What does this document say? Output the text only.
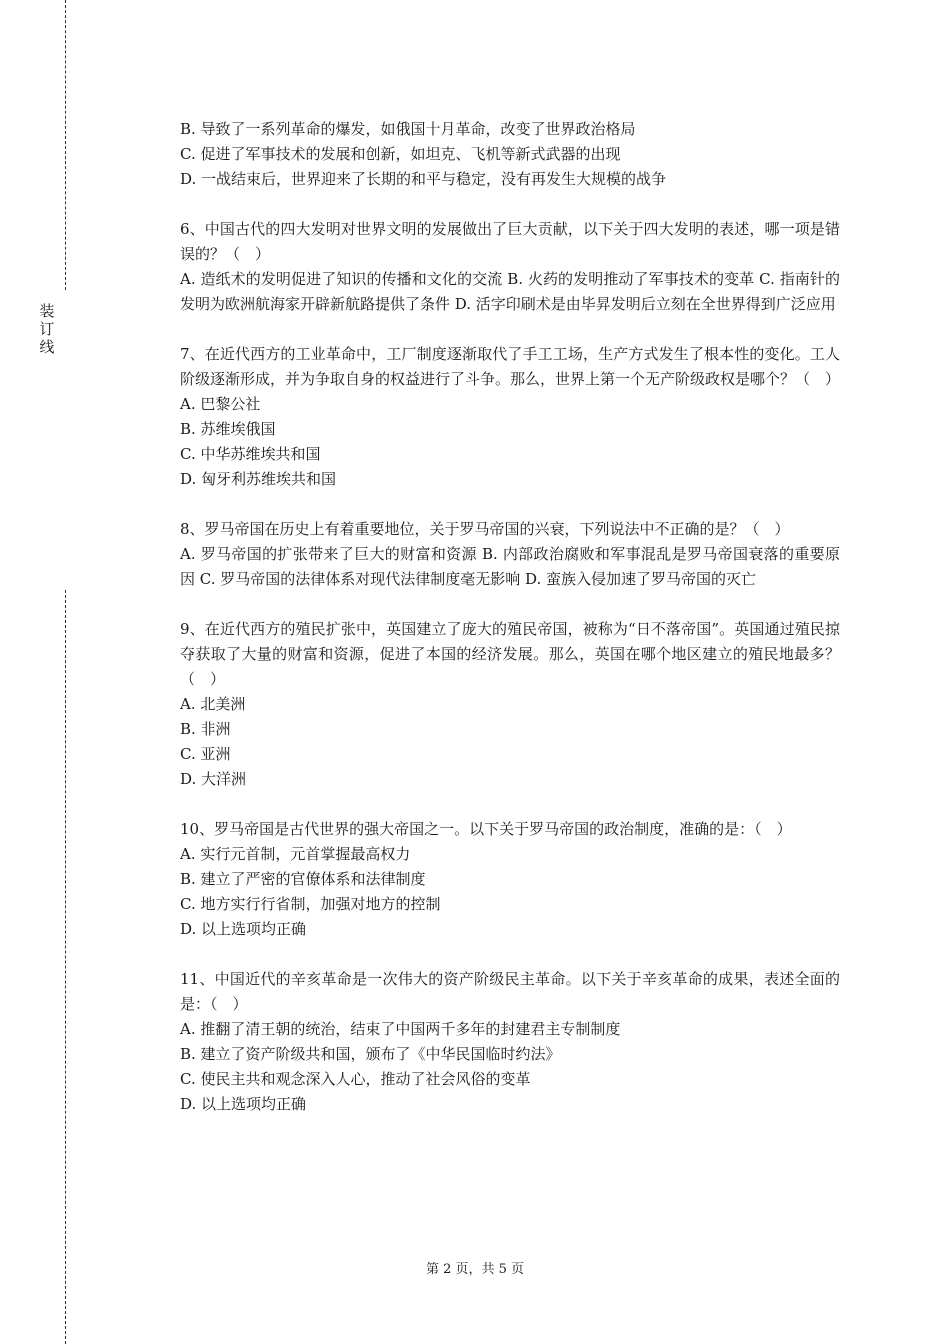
装
订
线
B. 导致了一系列革命的爆发，如俄国十月革命，改变了世界政治格局
C. 促进了军事技术的发展和创新，如坦克、飞机等新式武器的出现
D. 一战结束后，世界迎来了长期的和平与稳定，没有再发生大规模的战争

6、中国古代的四大发明对世界文明的发展做出了巨大贡献，以下关于四大发明的表述，哪一项是错误的？（　）

A. 造纸术的发明促进了知识的传播和文化的交流 B. 火药的发明推动了军事技术的变革 C. 指南针的发明为欧洲航海家开辟新航路提供了条件 D. 活字印刷术是由毕昇发明后立刻在全世界得到广泛应用

7、在近代西方的工业革命中，工厂制度逐渐取代了手工工场，生产方式发生了根本性的变化。工人阶级逐渐形成，并为争取自身的权益进行了斗争。那么，世界上第一个无产阶级政权是哪个？（　）

A. 巴黎公社
B. 苏维埃俄国
C. 中华苏维埃共和国
D. 匈牙利苏维埃共和国

8、罗马帝国在历史上有着重要地位，关于罗马帝国的兴衰，下列说法中不正确的是？（　）

A. 罗马帝国的扩张带来了巨大的财富和资源 B. 内部政治腐败和军事混乱是罗马帝国衰落的重要原因 C. 罗马帝国的法律体系对现代法律制度毫无影响 D. 蛮族入侵加速了罗马帝国的灭亡

9、在近代西方的殖民扩张中，英国建立了庞大的殖民帝国，被称为“日不落帝国”。英国通过殖民掠夺获取了大量的财富和资源，促进了本国的经济发展。那么，英国在哪个地区建立的殖民地最多？（　）

A. 北美洲
B. 非洲
C. 亚洲
D. 大洋洲

10、罗马帝国是古代世界的强大帝国之一。以下关于罗马帝国的政治制度，准确的是：（　）

A. 实行元首制，元首掌握最高权力
B. 建立了严密的官僚体系和法律制度
C. 地方实行行省制，加强对地方的控制
D. 以上选项均正确

11、中国近代的辛亥革命是一次伟大的资产阶级民主革命。以下关于辛亥革命的成果，表述全面的是：（　）

A. 推翻了清王朝的统治，结束了中国两千多年的封建君主专制制度
B. 建立了资产阶级共和国，颁布了《中华民国临时约法》
C. 使民主共和观念深入人心，推动了社会风俗的变革
D. 以上选项均正确
第 2 页，共 5 页
